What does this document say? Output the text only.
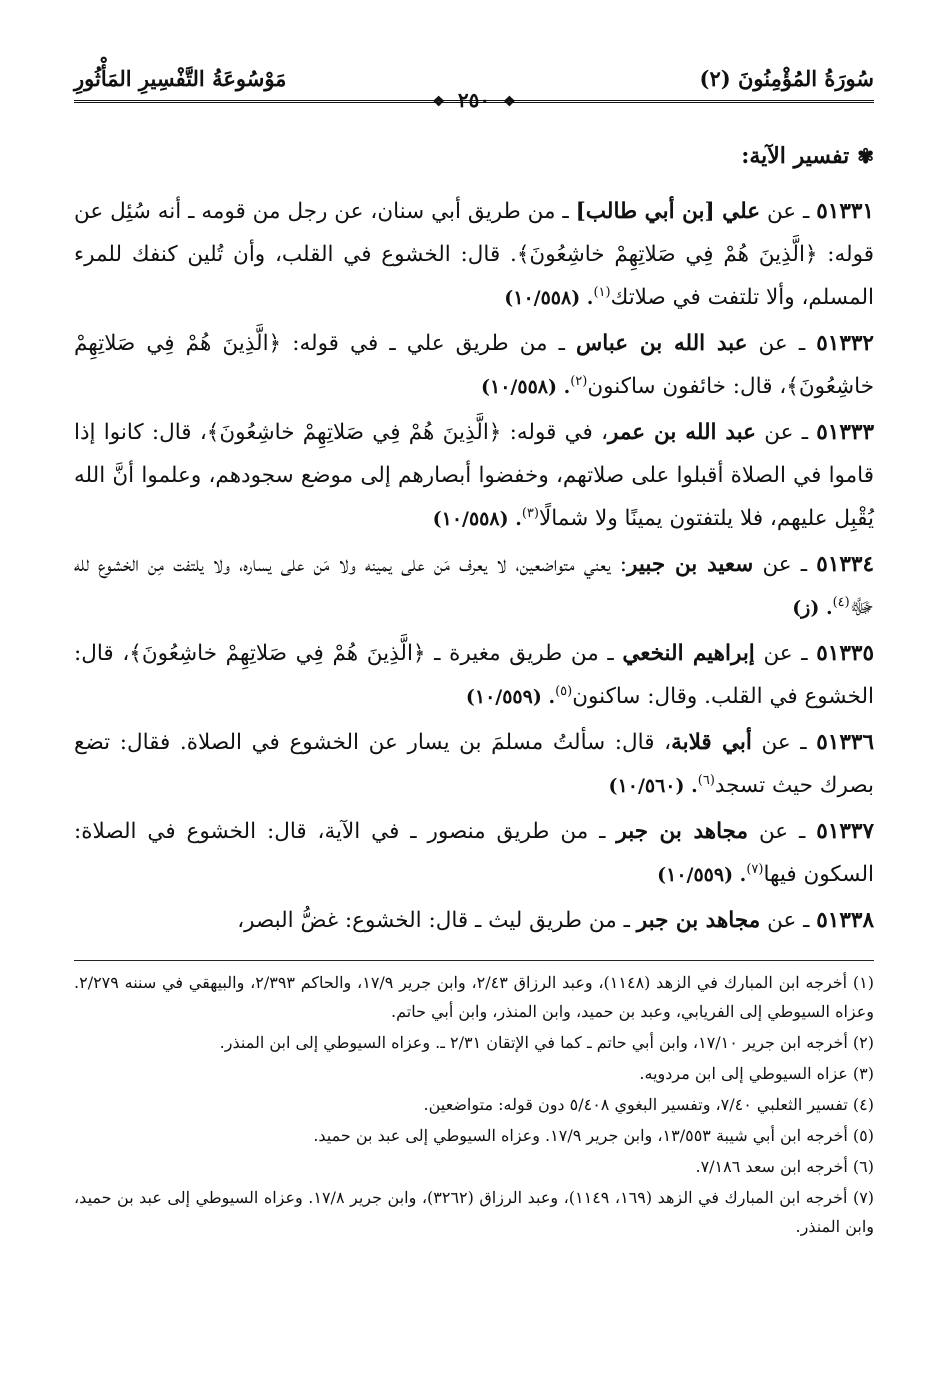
سُورَةُ المُؤْمِنُونَ (٢)
مَوْسُوعَةُ التَّفْسِيرِ المَأْثُورِ
❖ ٢٥٠ ❖
✾تفسير الآية:
٥١٣٣١ ـ عن علي [بن أبي طالب] ـ من طريق أبي سنان، عن رجل من قومه ـ أنه سُئِل عن قوله: ﴿الَّذِينَ هُمْ فِي صَلاتِهِمْ خاشِعُونَ﴾. قال: الخشوع في القلب، وأن تُلين كنفك للمرء المسلم، وألا تلتفت في صلاتك$^{(١)}$. (١٠/٥٥٨)
٥١٣٣٢ ـ عن عبد الله بن عباس ـ من طريق علي ـ في قوله: ﴿الَّذِينَ هُمْ فِي صَلاتِهِمْ خاشِعُونَ﴾، قال: خائفون ساكنون$^{(٢)}$. (١٠/٥٥٨)
٥١٣٣٣ ـ عن عبد الله بن عمر، في قوله: ﴿الَّذِينَ هُمْ فِي صَلاتِهِمْ خاشِعُونَ﴾، قال: كانوا إذا قاموا في الصلاة أقبلوا على صلاتهم، وخفضوا أبصارهم إلى موضع سجودهم، وعلموا أنَّ الله يُقْبِل عليهم، فلا يلتفتون يمينًا ولا شمالًا$^{(٣)}$. (١٠/٥٥٨)
٥١٣٣٤ ـ عن سعيد بن جبير: يعني متواضعين، لا يعرف مَن على يمينه ولا مَن على يساره، ولا يلتفت مِن الخشوع لله ﷻ$^{(٤)}$. (ز)
٥١٣٣٥ ـ عن إبراهيم النخعي ـ من طريق مغيرة ـ ﴿الَّذِينَ هُمْ فِي صَلاتِهِمْ خاشِعُونَ﴾، قال: الخشوع في القلب. وقال: ساكنون$^{(٥)}$. (١٠/٥٥٩)
٥١٣٣٦ ـ عن أبي قلابة، قال: سألتُ مسلمَ بن يسار عن الخشوع في الصلاة. فقال: تضع بصرك حيث تسجد$^{(٦)}$. (١٠/٥٦٠)
٥١٣٣٧ ـ عن مجاهد بن جبر ـ من طريق منصور ـ في الآية، قال: الخشوع في الصلاة: السكون فيها$^{(٧)}$. (١٠/٥٥٩)
٥١٣٣٨ ـ عن مجاهد بن جبر ـ من طريق ليث ـ قال: الخشوع: غضُّ البصر،
(١) أخرجه ابن المبارك في الزهد (١١٤٨)، وعبد الرزاق ٢/٤٣، وابن جرير ١٧/٩، والحاكم ٢/٣٩٣، والبيهقي في سننه ٢/٢٧٩. وعزاه السيوطي إلى الفريابي، وعبد بن حميد، وابن المنذر، وابن أبي حاتم.
(٢) أخرجه ابن جرير ١٧/١٠، وابن أبي حاتم ـ كما في الإتقان ٢/٣١ ـ. وعزاه السيوطي إلى ابن المنذر.
(٣) عزاه السيوطي إلى ابن مردويه.
(٤) تفسير الثعلبي ٧/٤٠، وتفسير البغوي ٥/٤٠٨ دون قوله: متواضعين.
(٥) أخرجه ابن أبي شيبة ١٣/٥٥٣، وابن جرير ١٧/٩. وعزاه السيوطي إلى عبد بن حميد.
(٦) أخرجه ابن سعد ٧/١٨٦.
(٧) أخرجه ابن المبارك في الزهد (١٦٩، ١١٤٩)، وعبد الرزاق (٣٢٦٢)، وابن جرير ١٧/٨. وعزاه السيوطي إلى عبد بن حميد، وابن المنذر.
